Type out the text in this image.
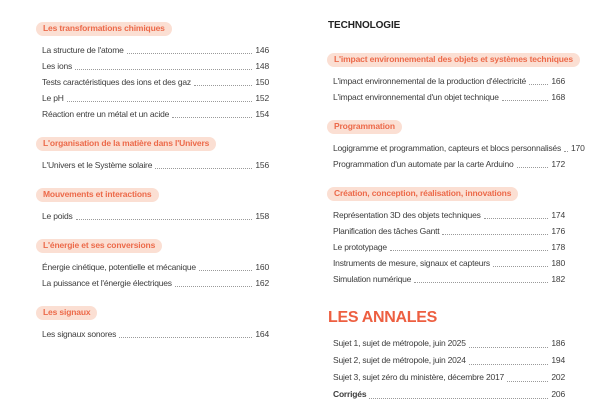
Les transformations chimiques
La structure de l'atome	146
Les ions	148
Tests caractéristiques des ions et des gaz	150
Le pH	152
Réaction entre un métal et un acide	154
L'organisation de la matière dans l'Univers
L'Univers et le Système solaire	156
Mouvements et interactions
Le poids	158
L'énergie et ses conversions
Énergie cinétique, potentielle et mécanique	160
La puissance et l'énergie électriques	162
Les signaux
Les signaux sonores	164
TECHNOLOGIE
L'impact environnemental des objets et systèmes techniques
L'impact environnemental de la production d'électricité	166
L'impact environnemental d'un objet technique	168
Programmation
Logigramme et programmation, capteurs et blocs personnalisés 170
Programmation d'un automate par la carte Arduino	172
Création, conception, réalisation, innovations
Représentation 3D des objets techniques	174
Planification des tâches Gantt	176
Le prototypage	178
Instruments de mesure, signaux et capteurs	180
Simulation numérique	182
LES ANNALES
Sujet 1, sujet de métropole, juin 2025	186
Sujet 2, sujet de métropole, juin 2024	194
Sujet 3, sujet zéro du ministère, décembre 2017	202
Corrigés	206
